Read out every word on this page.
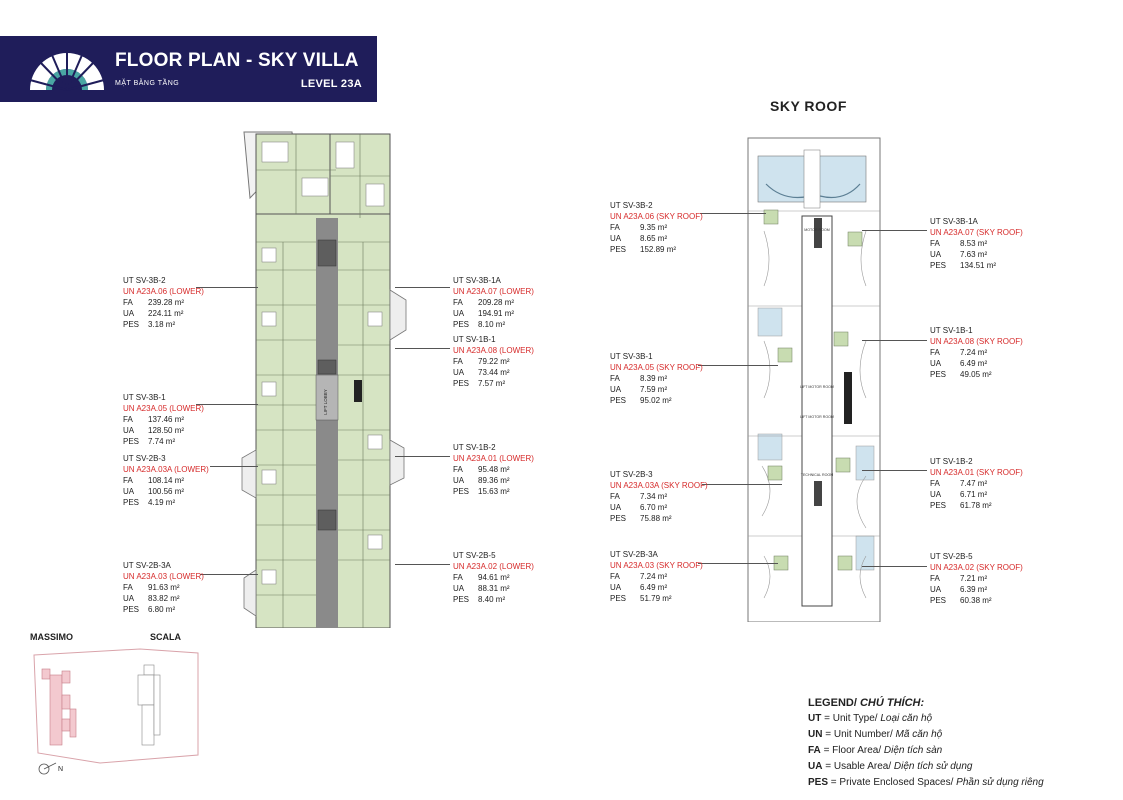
FLOOR PLAN - SKY VILLA
MẶT BẰNG TẦNG	LEVEL 23A
LIFT LOBBY
SKY ROOF
MOTOR ROOM
LIFT MOTOR ROOM
LIFT MOTOR ROOM
TECHNICAL ROOM
UT SV-3B-2
UN A23A.06 (LOWER)
FA	239.28 m²
UA	224.11 m²
PES	3.18 m²
UT SV-3B-1A
UN A23A.07 (LOWER)
FA	209.28 m²
UA	194.91 m²
PES	8.10 m²
UT SV-1B-1
UN A23A.08 (LOWER)
FA	79.22 m²
UA	73.44 m²
PES	7.57 m²
UT SV-3B-1
UN A23A.05 (LOWER)
FA	137.46 m²
UA	128.50 m²
PES	7.74 m²
UT SV-2B-3
UN A23A.03A (LOWER)
FA	108.14 m²
UA	100.56 m²
PES	4.19 m²
UT SV-1B-2
UN A23A.01 (LOWER)
FA	95.48 m²
UA	89.36 m²
PES	15.63 m²
UT SV-2B-3A
UN A23A.03 (LOWER)
FA	91.63 m²
UA	83.82 m²
PES	6.80 m²
UT SV-2B-5
UN A23A.02 (LOWER)
FA	94.61 m²
UA	88.31 m²
PES	8.40 m²
UT SV-3B-2
UN A23A.06 (SKY ROOF)
FA	9.35 m²
UA	8.65 m²
PES	152.89 m²
UT SV-3B-1A
UN A23A.07 (SKY ROOF)
FA	8.53 m²
UA	7.63 m²
PES	134.51 m²
UT SV-1B-1
UN A23A.08 (SKY ROOF)
FA	7.24 m²
UA	6.49 m²
PES	49.05 m²
UT SV-3B-1
UN A23A.05 (SKY ROOF)
FA	8.39 m²
UA	7.59 m²
PES	95.02 m²
UT SV-2B-3
UN A23A.03A (SKY ROOF)
FA	7.34 m²
UA	6.70 m²
PES	75.88 m²
UT SV-1B-2
UN A23A.01 (SKY ROOF)
FA	7.47 m²
UA	6.71 m²
PES	61.78 m²
UT SV-2B-3A
UN A23A.03 (SKY ROOF)
FA	7.24 m²
UA	6.49 m²
PES	51.79 m²
UT SV-2B-5
UN A23A.02 (SKY ROOF)
FA	7.21 m²
UA	6.39 m²
PES	60.38 m²
MASSIMO	SCALA
N
LEGEND/ CHÚ THÍCH:
UT = Unit Type/ Loại căn hộ
UN = Unit Number/ Mã căn hộ
FA = Floor Area/ Diện tích sàn
UA = Usable Area/ Diện tích sử dụng
PES = Private Enclosed Spaces/ Phần sử dụng riêng
